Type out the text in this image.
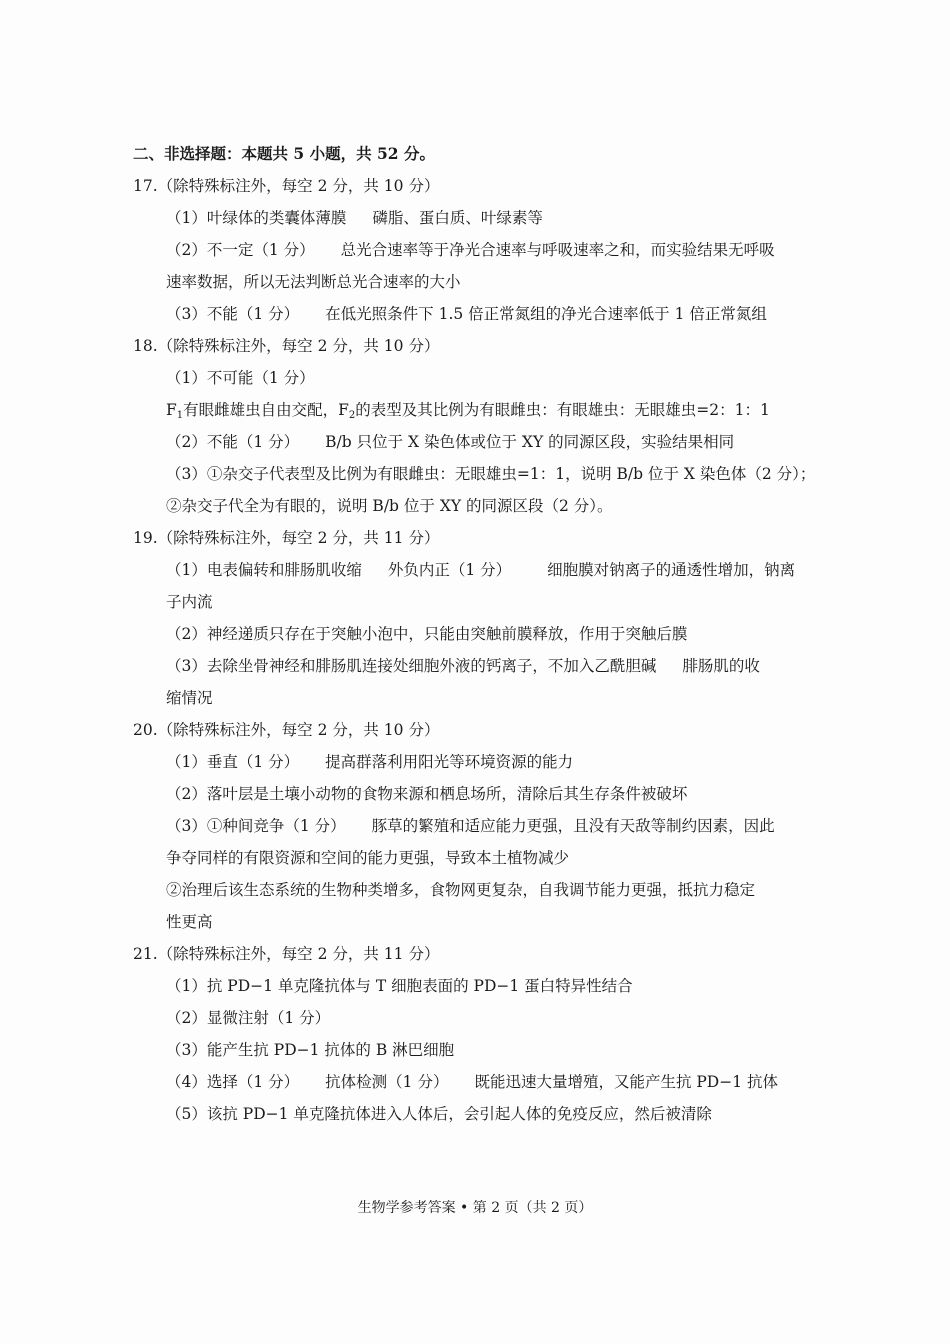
二、非选择题：本题共 5 小题，共 52 分。
17.（除特殊标注外，每空 2 分，共 10 分）
（1）叶绿体的类囊体薄膜 磷脂、蛋白质、叶绿素等
（2）不一定（1 分） 总光合速率等于净光合速率与呼吸速率之和，而实验结果无呼吸
速率数据，所以无法判断总光合速率的大小
（3）不能（1 分） 在低光照条件下 1.5 倍正常氮组的净光合速率低于 1 倍正常氮组
18.（除特殊标注外，每空 2 分，共 10 分）
（1）不可能（1 分）
$F_1$有眼雌雄虫自由交配，$F_2$的表型及其比例为有眼雌虫：有眼雄虫：无眼雄虫=2：1：1
（2）不能（1 分） B/b 只位于 X 染色体或位于 XY 的同源区段，实验结果相同
（3）①杂交子代表型及比例为有眼雌虫：无眼雄虫=1：1，说明 B/b 位于 X 染色体（2 分）；
②杂交子代全为有眼的，说明 B/b 位于 XY 的同源区段（2 分）。
19.（除特殊标注外，每空 2 分，共 11 分）
（1）电表偏转和腓肠肌收缩 外负内正（1 分） 细胞膜对钠离子的通透性增加，钠离
子内流
（2）神经递质只存在于突触小泡中，只能由突触前膜释放，作用于突触后膜
（3）去除坐骨神经和腓肠肌连接处细胞外液的钙离子，不加入乙酰胆碱 腓肠肌的收
缩情况
20.（除特殊标注外，每空 2 分，共 10 分）
（1）垂直（1 分） 提高群落利用阳光等环境资源的能力
（2）落叶层是土壤小动物的食物来源和栖息场所，清除后其生存条件被破坏
（3）①种间竞争（1 分） 豚草的繁殖和适应能力更强，且没有天敌等制约因素，因此
争夺同样的有限资源和空间的能力更强，导致本土植物减少
②治理后该生态系统的生物种类增多，食物网更复杂，自我调节能力更强，抵抗力稳定
性更高
21.（除特殊标注外，每空 2 分，共 11 分）
（1）抗 PD−1 单克隆抗体与 T 细胞表面的 PD−1 蛋白特异性结合
（2）显微注射（1 分）
（3）能产生抗 PD−1 抗体的 B 淋巴细胞
（4）选择（1 分） 抗体检测（1 分） 既能迅速大量增殖，又能产生抗 PD−1 抗体
（5）该抗 PD−1 单克隆抗体进入人体后，会引起人体的免疫反应，然后被清除
生物学参考答案 • 第 2 页（共 2 页）
